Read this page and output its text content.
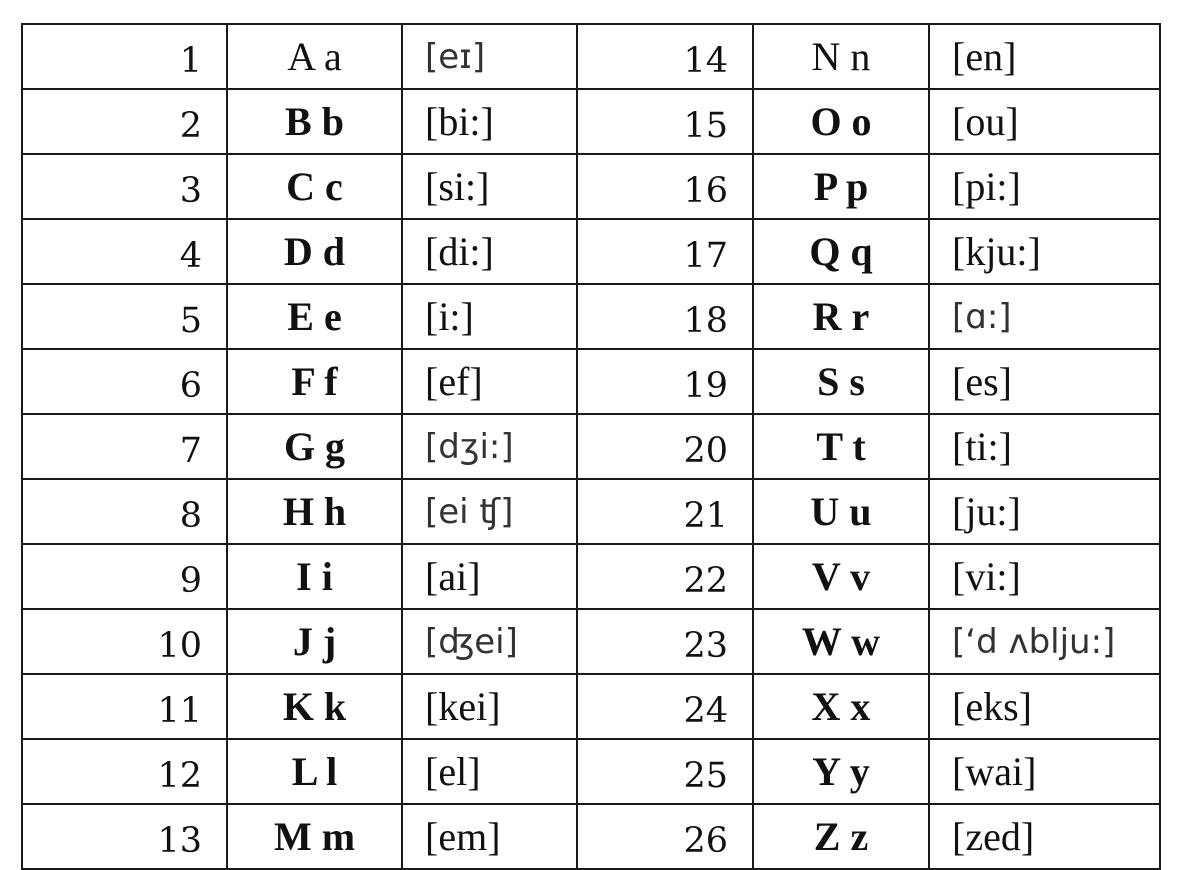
1	A a	[eɪ]	14	N n	[en]
2	B b	[bi:]	15	O o	[ou]
3	C c	[si:]	16	P p	[pi:]
4	D d	[di:]	17	Q q	[kju:]
5	E e	[i:]	18	R r	[ɑ:]
6	F f	[ef]	19	S s	[es]
7	G g	[dʒi:]	20	T t	[ti:]
8	H h	[ei ʧ]	21	U u	[ju:]
9	I i	[ai]	22	V v	[vi:]
10	J j	[ʤei]	23	W w	[‘d ʌblju:]
11	K k	[kei]	24	X x	[eks]
12	L l	[el]	25	Y y	[wai]
13	M m	[em]	26	Z z	[zed]
